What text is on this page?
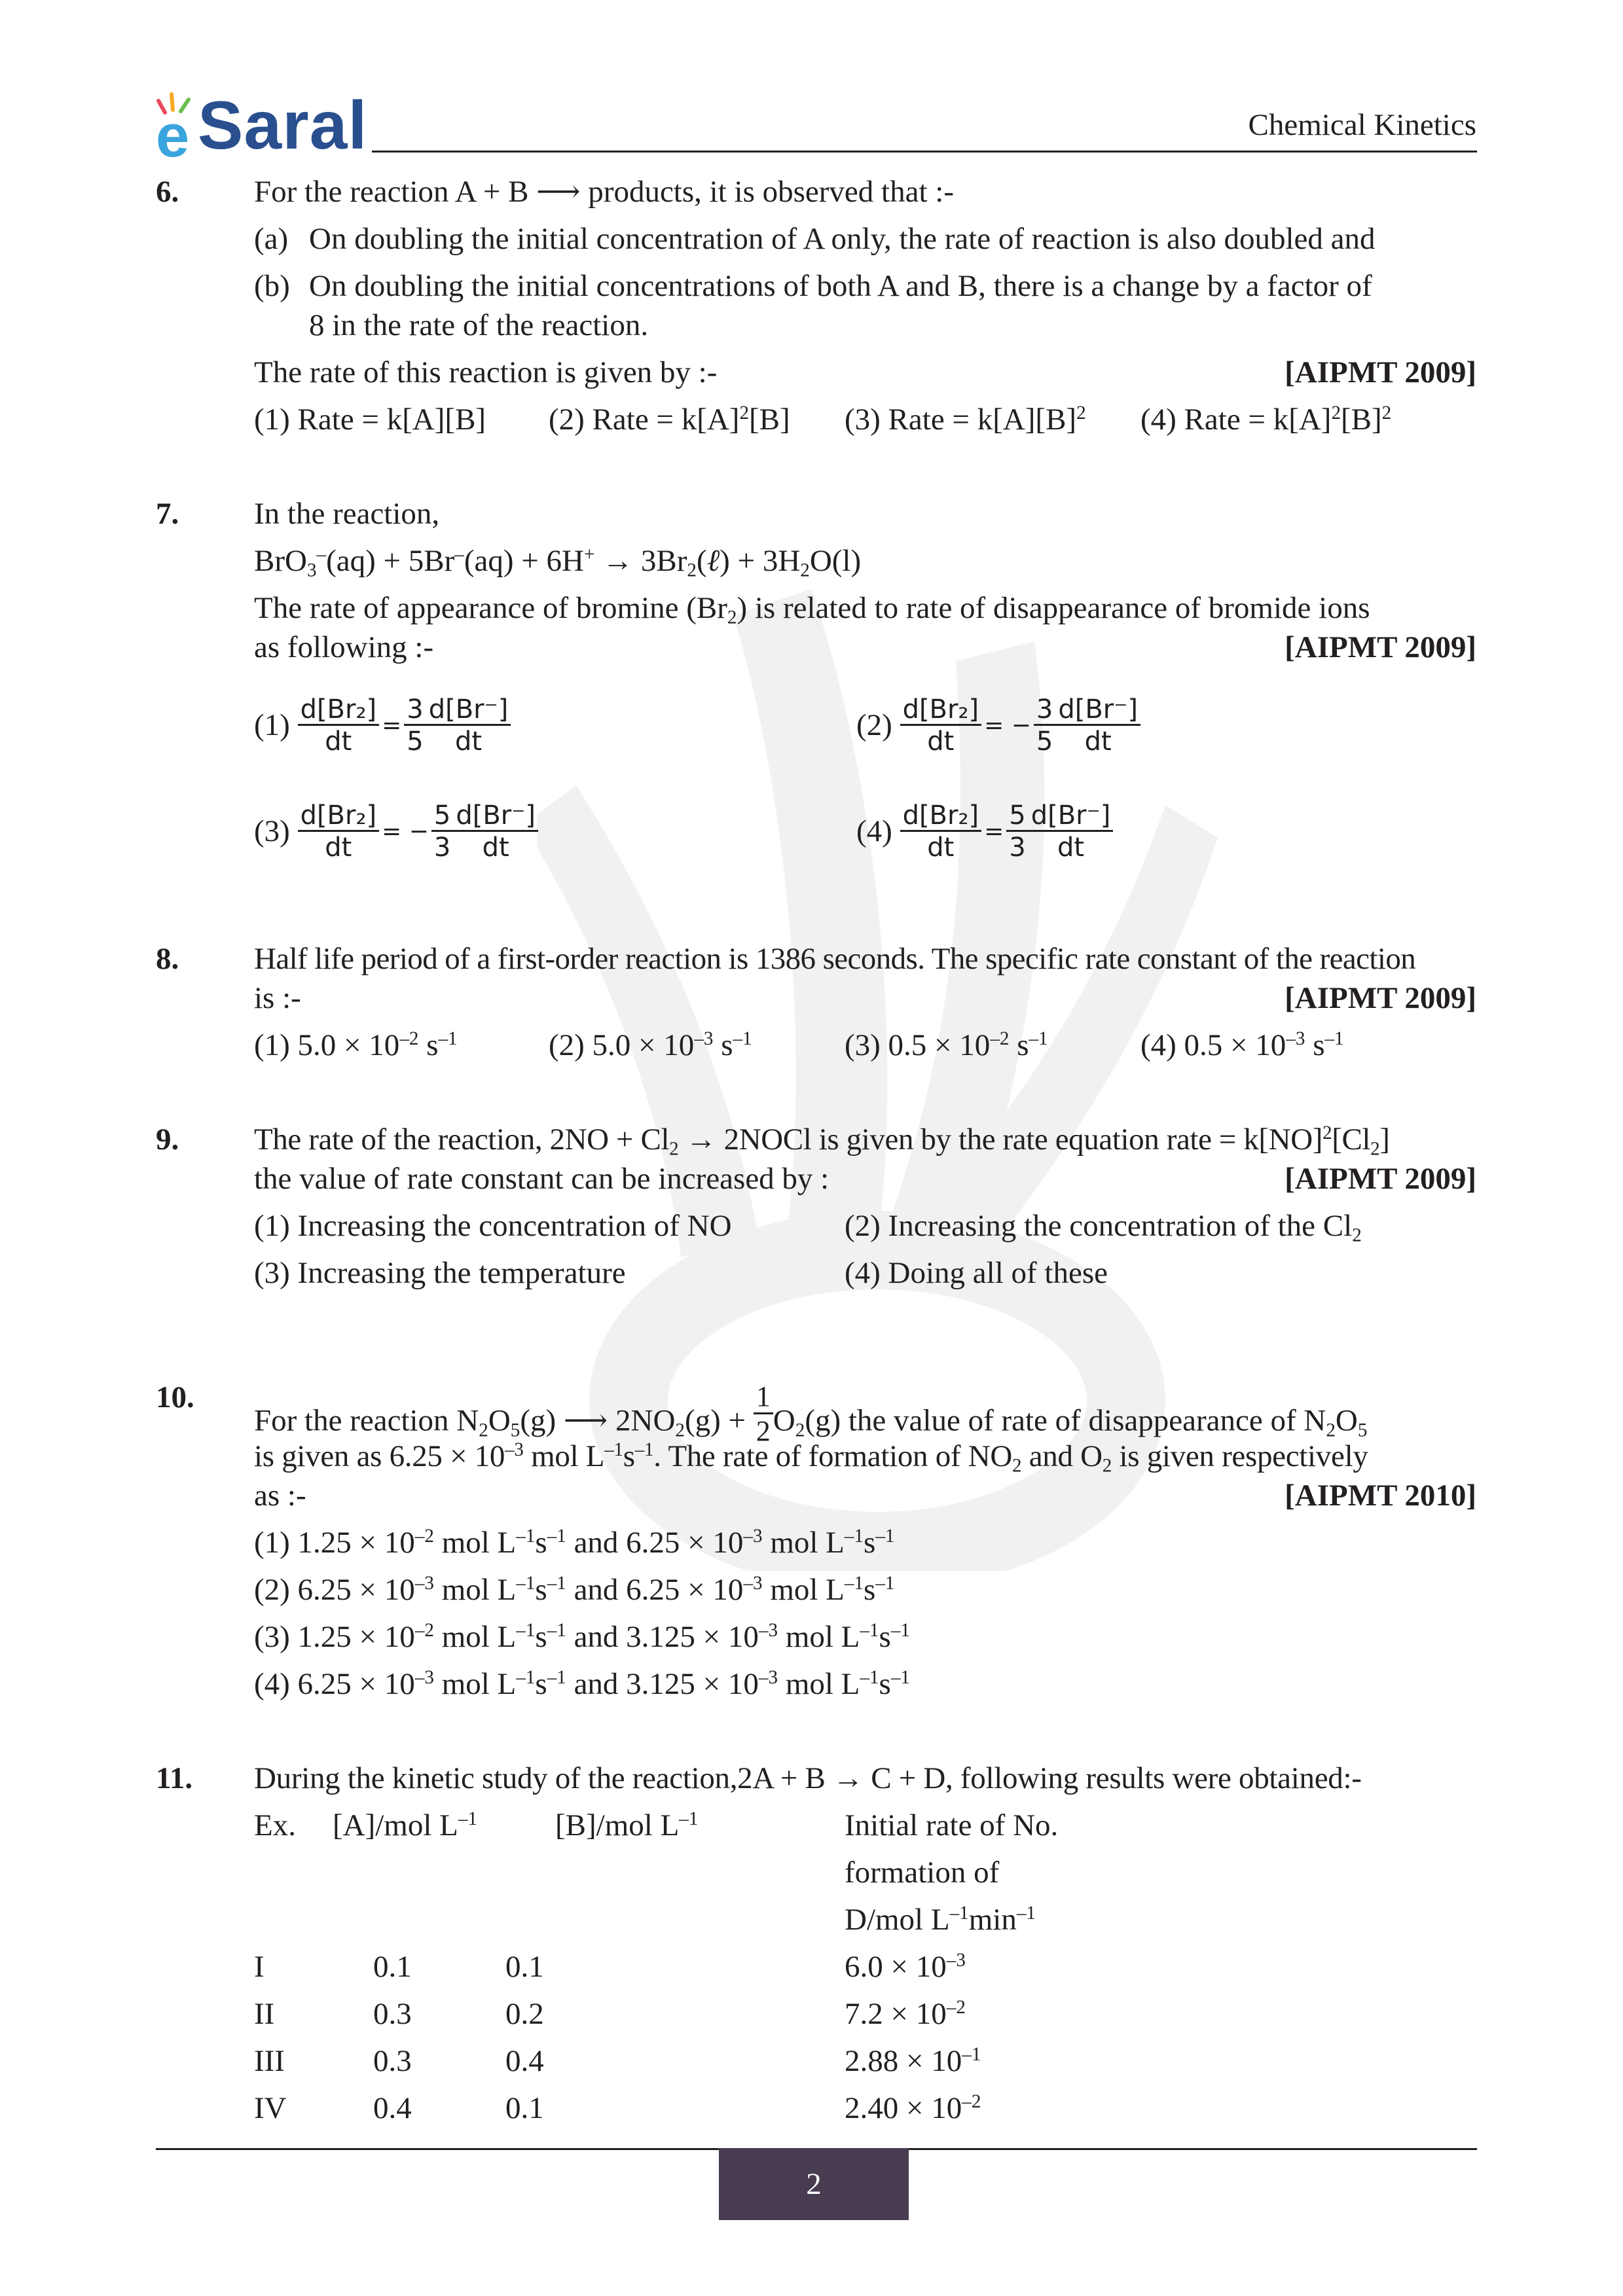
e Saral	Chemical Kinetics
6. For the reaction A + B ⟶ products, it is observed that :-
(a) On doubling the initial concentration of A only, the rate of reaction is also doubled and
(b) On doubling the initial concentrations of both A and B, there is a change by a factor of
8 in the rate of the reaction.
The rate of this reaction is given by :-	[AIPMT 2009]
(1) Rate = k[A][B] (2) Rate = $k[A]^2[B]$ (3) Rate = $k[A][B]^2$ (4) Rate = $k[A]^2[B]^2$
7. In the reaction,
$BrO_3^-(aq) + 5Br^-(aq) + 6H^+ \to 3Br_2(\ell) + 3H_2O(l)$
The rate of appearance of bromine $(Br_2)$ is related to rate of disappearance of bromide ions
as following :-	[AIPMT 2009]
$(1) \frac{\text{d[Br₂]}}{dt} = \frac{3}{5} \frac{d[Br^-]}{dt}$	$(2) \frac{\text{d[Br₂]}}{dt}$ = − $\frac{3}{5} \frac{d[Br^-]}{dt}$
$(3) \frac{\text{d[Br₂]}}{dt}$ = − $\frac{5}{3} \frac{d[Br^-]}{dt}$	$(4) \frac{\text{d[Br₂]}}{dt} = \frac{5}{3} \frac{d[Br^-]}{dt}$
8. Half life period of a first-order reaction is 1386 seconds. The specific rate constant of the reaction
is :-	[AIPMT 2009]
(1) $5.0 \times 10^{-2}$ $s^{-1}$	(2) $5.0 \times 10^{-3}$ $s^{-1}$	(3) $0.5 \times 10^{-2}$ $s^{-1}$	(4) $0.5 \times 10^{-3}$ $s^{-1}$
9. The rate of the reaction, $2NO + Cl_2$ → 2NOCl is given by the rate equation rate = $k[NO]^2[Cl_2]$
the value of rate constant can be increased by :	[AIPMT 2009]
(1) Increasing the concentration of NO	(2) Increasing the concentration of the $Cl_2$
(3) Increasing the temperature	(4) Doing all of these
10.
For the reaction $N_2O_5(g)$ ⟶ $2NO_2(g) + \frac{1}{2} O_2(g)$ the value of rate of disappearance of $N_2O_5$
is given as $6.25 \times 10^{-3}$ mol $L^{-1}s^{-1}$. The rate of formation of $NO_2$ and $O_2$ is given respectively
as :-	[AIPMT 2010]
(1) $1.25 \times 10^{-2}$ mol $L^{-1}s^{-1}$ and $6.25 \times 10^{-3}$ mol $L^{-1}s^{-1}$
(2) $6.25 \times 10^{-3}$ mol $L^{-1}s^{-1}$ and $6.25 \times 10^{-3}$ mol $L^{-1}s^{-1}$
(3) $1.25 \times 10^{-2}$ mol $L^{-1}s^{-1}$ and $3.125 \times 10^{-3}$ mol $L^{-1}s^{-1}$
(4) $6.25 \times 10^{-3}$ mol $L^{-1}s^{-1}$ and $3.125 \times 10^{-3}$ mol $L^{-1}s^{-1}$
11. During the kinetic study of the reaction,2A + B → C + D, following results were obtained:-
Ex. [A]/mol $L^{-1}$	[B]/mol $L^{-1}$	Initial rate of No.
formation of
D/mol $L^{-1}\min^{-1}$
I	0.1	0.1	$6.0 \times 10^{-3}$
II	0.3	0.2	$7.2 \times 10^{-2}$
III	0.3	0.4	$2.88 \times 10^{-1}$
IV	0.4	0.1	$2.40 \times 10^{-2}$
2
